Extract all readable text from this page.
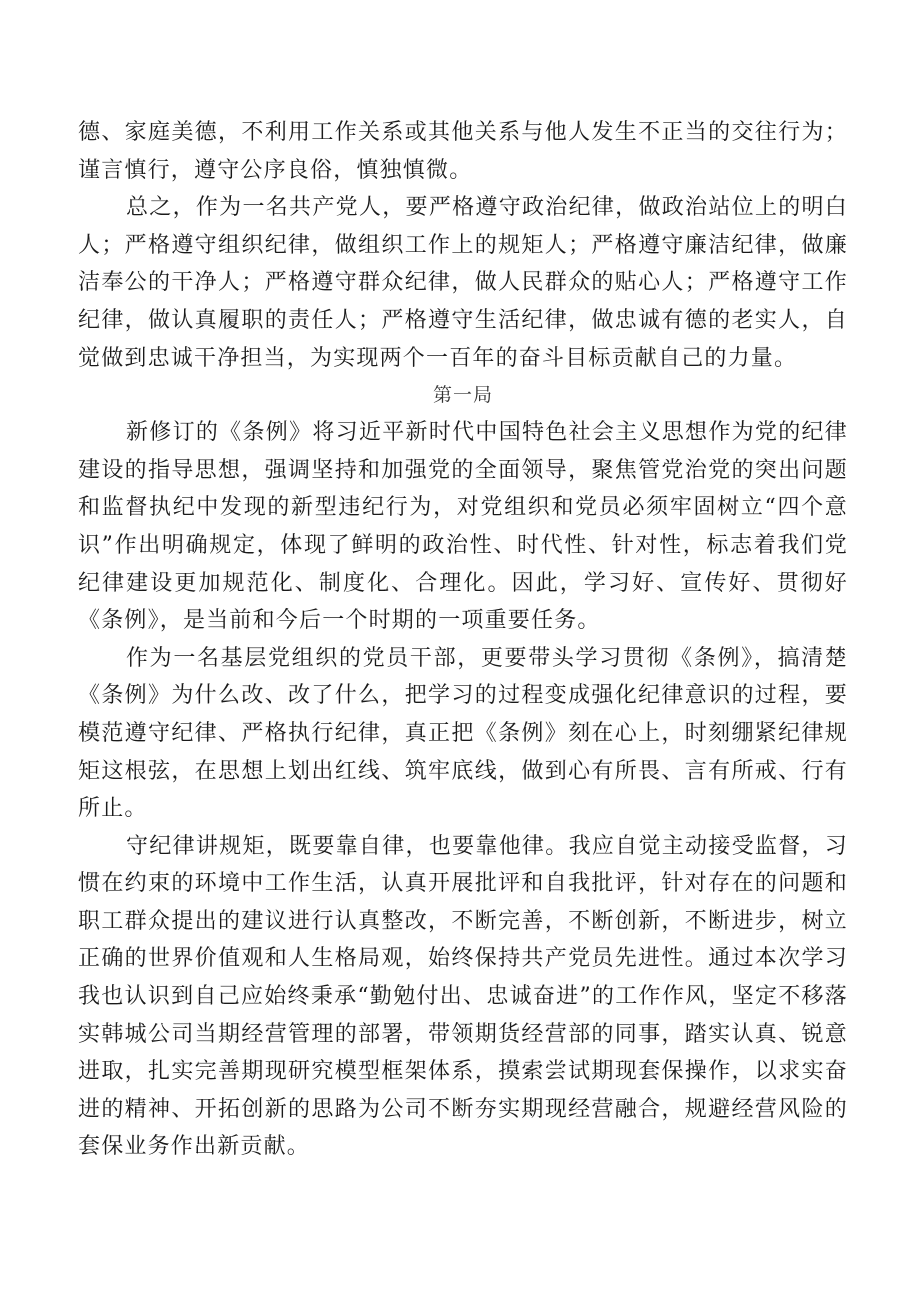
德、家庭美德，不利用工作关系或其他关系与他人发生不正当的交往行为；谨言慎行，遵守公序良俗，慎独慎微。

总之，作为一名共产党人，要严格遵守政治纪律，做政治站位上的明白人；严格遵守组织纪律，做组织工作上的规矩人；严格遵守廉洁纪律，做廉洁奉公的干净人；严格遵守群众纪律，做人民群众的贴心人；严格遵守工作纪律，做认真履职的责任人；严格遵守生活纪律，做忠诚有德的老实人，自觉做到忠诚干净担当，为实现两个一百年的奋斗目标贡献自己的力量。

第一局

新修订的《条例》将习近平新时代中国特色社会主义思想作为党的纪律建设的指导思想，强调坚持和加强党的全面领导，聚焦管党治党的突出问题和监督执纪中发现的新型违纪行为，对党组织和党员必须牢固树立“四个意识”作出明确规定，体现了鲜明的政治性、时代性、针对性，标志着我们党纪律建设更加规范化、制度化、合理化。因此，学习好、宣传好、贯彻好《条例》，是当前和今后一个时期的一项重要任务。

作为一名基层党组织的党员干部，更要带头学习贯彻《条例》，搞清楚《条例》为什么改、改了什么，把学习的过程变成强化纪律意识的过程，要模范遵守纪律、严格执行纪律，真正把《条例》刻在心上，时刻绷紧纪律规矩这根弦，在思想上划出红线、筑牢底线，做到心有所畏、言有所戒、行有所止。

守纪律讲规矩，既要靠自律，也要靠他律。我应自觉主动接受监督，习惯在约束的环境中工作生活，认真开展批评和自我批评，针对存在的问题和职工群众提出的建议进行认真整改，不断完善，不断创新，不断进步，树立正确的世界价值观和人生格局观，始终保持共产党员先进性。通过本次学习我也认识到自己应始终秉承“勤勉付出、忠诚奋进”的工作作风，坚定不移落实韩城公司当期经营管理的部署，带领期货经营部的同事，踏实认真、锐意进取，扎实完善期现研究模型框架体系，摸索尝试期现套保操作，以求实奋进的精神、开拓创新的思路为公司不断夯实期现经营融合，规避经营风险的套保业务作出新贡献。
